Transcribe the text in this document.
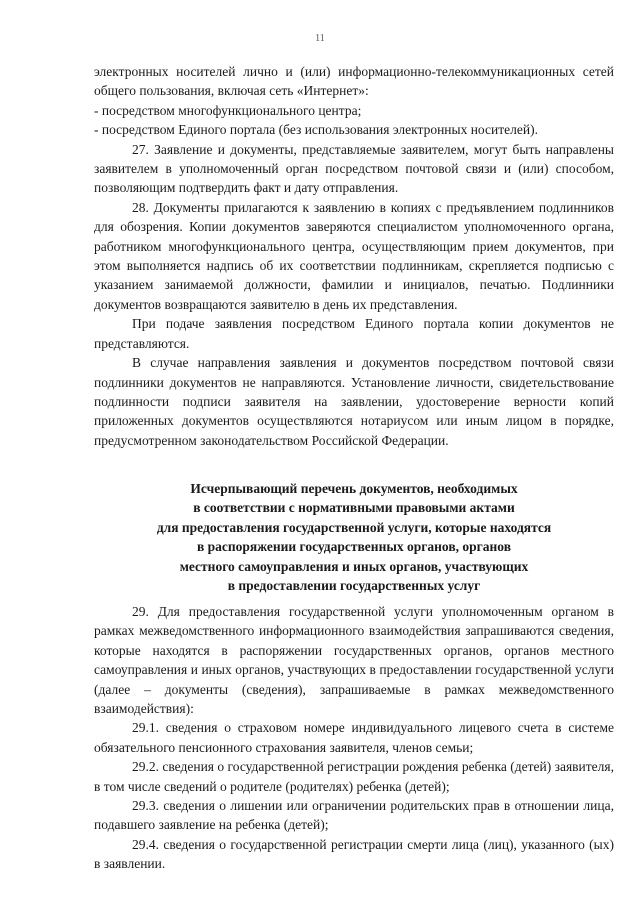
11

электронных носителей лично и (или) информационно-телекоммуникационных сетей общего пользования, включая сеть «Интернет»:

- посредством многофункционального центра;

- посредством Единого портала (без использования электронных носителей).

27. Заявление и документы, представляемые заявителем, могут быть направлены заявителем в уполномоченный орган посредством почтовой связи и (или) способом, позволяющим подтвердить факт и дату отправления.

28. Документы прилагаются к заявлению в копиях с предъявлением подлинников для обозрения. Копии документов заверяются специалистом уполномоченного органа, работником многофункционального центра, осуществляющим прием документов, при этом выполняется надпись об их соответствии подлинникам, скрепляется подписью с указанием занимаемой должности, фамилии и инициалов, печатью. Подлинники документов возвращаются заявителю в день их представления.

При подаче заявления посредством Единого портала копии документов не представляются.

В случае направления заявления и документов посредством почтовой связи подлинники документов не направляются. Установление личности, свидетельствование подлинности подписи заявителя на заявлении, удостоверение верности копий приложенных документов осуществляются нотариусом или иным лицом в порядке, предусмотренном законодательством Российской Федерации.

Исчерпывающий перечень документов, необходимых
в соответствии с нормативными правовыми актами
для предоставления государственной услуги, которые находятся
в распоряжении государственных органов, органов
местного самоуправления и иных органов, участвующих
в предоставлении государственных услуг

29. Для предоставления государственной услуги уполномоченным органом в рамках межведомственного информационного взаимодействия запрашиваются сведения, которые находятся в распоряжении государственных органов, органов местного самоуправления и иных органов, участвующих в предоставлении государственной услуги (далее – документы (сведения), запрашиваемые в рамках межведомственного взаимодействия):

29.1. сведения о страховом номере индивидуального лицевого счета в системе обязательного пенсионного страхования заявителя, членов семьи;

29.2. сведения о государственной регистрации рождения ребенка (детей) заявителя, в том числе сведений о родителе (родителях) ребенка (детей);

29.3. сведения о лишении или ограничении родительских прав в отношении лица, подавшего заявление на ребенка (детей);

29.4. сведения о государственной регистрации смерти лица (лиц), указанного (ых) в заявлении.
